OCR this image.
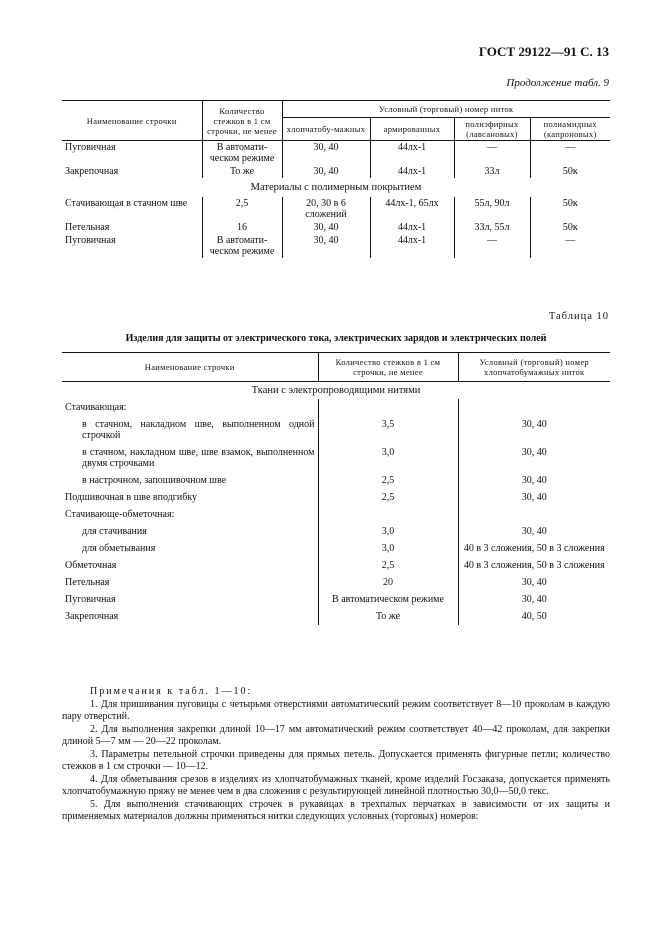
ГОСТ 29122—91 С. 13
Продолжение табл. 9
Наименование строчки	Количество стежков в 1 см строчки, не менее	Условный (торговый) номер ниток			
		хлопчатобу-мажных	армированных	полиэфирных (лавсановых)	полиамидных (капроновых)
Пуговичная	В автомати-ческом режиме	30, 40	44лх-1	—	—
Закрепочная	То же	30, 40	44лх-1	33л	50к
Материалы с полимерным покрытием					
Стачивающая в стачном шве	2,5	20, 30 в 6 сложений	44лх-1, 65лх	55л, 90л	50к
Петельная	16	30, 40	44лх-1	33л, 55л	50к
Пуговичная	В автомати-ческом режиме	30, 40	44лх-1	—	—
Таблица 10
Изделия для защиты от электрического тока, электрических зарядов и электрических полей
Наименование строчки	Количество стежков в 1 см строчки, не менее	Условный (торговый) номер хлопчатобумажных ниток
Ткани с электропроводящими нитями		
Стачивающая:		
в стачном, накладном шве, выполненном одной строчкой	3,5	30, 40
в стачном, накладном шве, шве взамок, выполненном двумя строчками	3,0	30, 40
в настрочном, запошивочном шве	2,5	30, 40
Подшивочная в шве вподгибку	2,5	30, 40
Стачивающе-обметочная:		
для стачивания	3,0	30, 40
для обметывания	3,0	40 в 3 сложения, 50 в 3 сложения
Обметочная	2,5	40 в 3 сложения, 50 в 3 сложения
Петельная	20	30, 40
Пуговичная	В автоматическом режиме	30, 40
Закрепочная	То же	40, 50

Примечания к табл. 1—10:

1. Для пришивания пуговицы с четырьмя отверстиями автоматический режим соответствует 8—10 проколам в каждую пару отверстий.

2. Для выполнения закрепки длиной 10—17 мм автоматический режим соответствует 40—42 проколам, для закрепки длиной 5—7 мм — 20—22 проколам.

3. Параметры петельной строчки приведены для прямых петель. Допускается применять фигурные петли; количество стежков в 1 см строчки — 10—12.

4. Для обметывания срезов в изделиях из хлопчатобумажных тканей, кроме изделий Госзаказа, допускается применять хлопчатобумажную пряжу не менее чем в два сложения с результирующей линейной плотностью 30,0—50,0 текс.

5. Для выполнения стачивающих строчек в рукавицах в трехпалых перчатках в зависимости от их защиты и применяемых материалов должны применяться нитки следующих условных (торговых) номеров:
